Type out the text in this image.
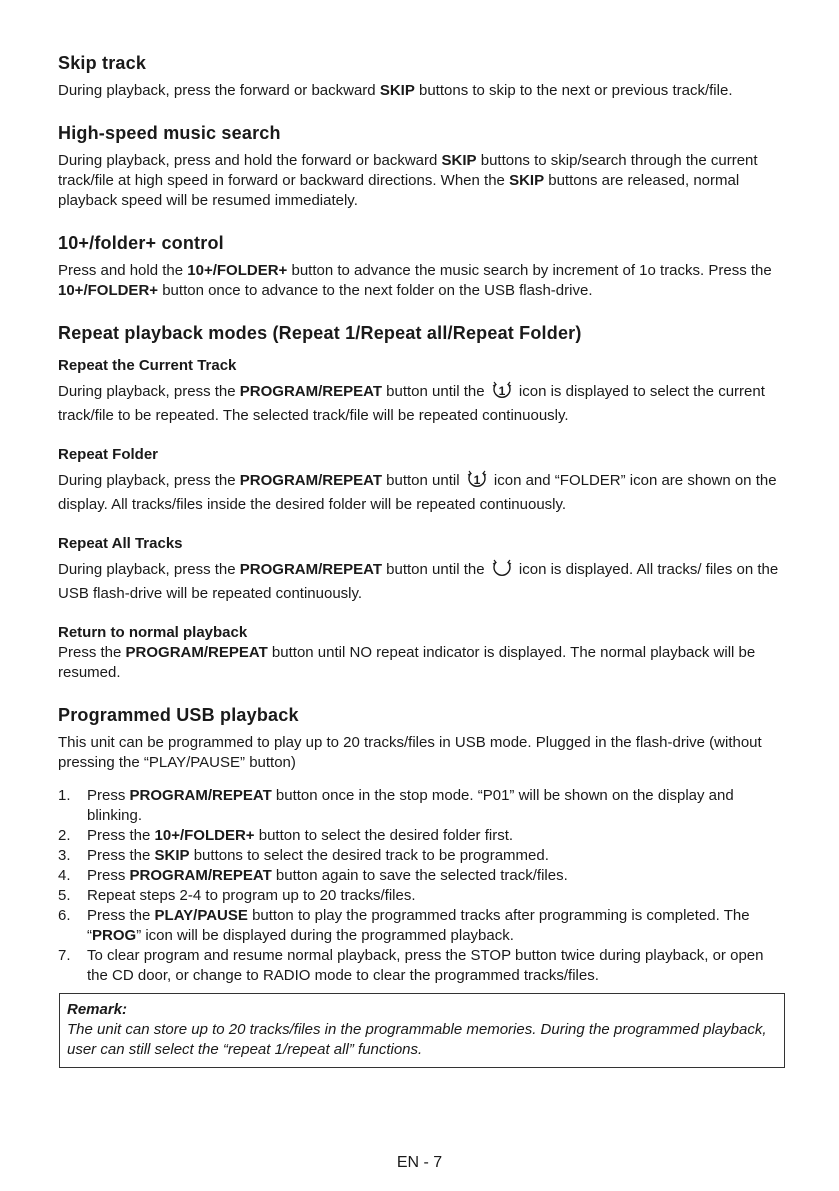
Skip track

During playback, press the forward or backward SKIP buttons to skip to the next or previous track/file.

High-speed music search

During playback, press and hold the forward or backward SKIP buttons to skip/search through the current track/file at high speed in forward or backward directions. When the SKIP buttons are released, normal playback speed will be resumed immediately.

10+/folder+ control

Press and hold the 10+/FOLDER+ button to advance the music search by increment of 1o tracks. Press the 10+/FOLDER+ button once to advance to the next folder on the USB flash-drive.

Repeat playback modes (Repeat 1/Repeat all/Repeat Folder)
Repeat the Current Track

During playback, press the PROGRAM/REPEAT button until the 1 icon is displayed to select the current track/file to be repeated. The selected track/file will be repeated continuously.

Repeat Folder

During playback, press the PROGRAM/REPEAT button until 1 icon and “FOLDER” icon are shown on the display. All tracks/files inside the desired folder will be repeated continuously.

Repeat All Tracks

During playback, press the PROGRAM/REPEAT button until the  icon is displayed. All tracks/ files on the USB flash-drive will be repeated continuously.

Return to normal playback

Press the PROGRAM/REPEAT button until NO repeat indicator is displayed. The normal playback will be resumed.

Programmed USB playback

This unit can be programmed to play up to 20 tracks/files in USB mode. Plugged in the flash-drive (without pressing the “PLAY/PAUSE” button)

1. Press PROGRAM/REPEAT button once in the stop mode. “P01” will be shown on the display and blinking.
2. Press the 10+/FOLDER+ button to select the desired folder first.
3. Press the SKIP buttons to select the desired track to be programmed.
4. Press PROGRAM/REPEAT button again to save the selected track/files.
5. Repeat steps 2-4 to program up to 20 tracks/files.
6. Press the PLAY/PAUSE button to play the programmed tracks after programming is completed. The “PROG” icon will be displayed during the programmed playback.
7. To clear program and resume normal playback, press the STOP button twice during playback, or open the CD door, or change to RADIO mode to clear the programmed tracks/files.
Remark:
The unit can store up to 20 tracks/files in the programmable memories. During the programmed playback, user can still select the “repeat 1/repeat all” functions.
EN - 7
